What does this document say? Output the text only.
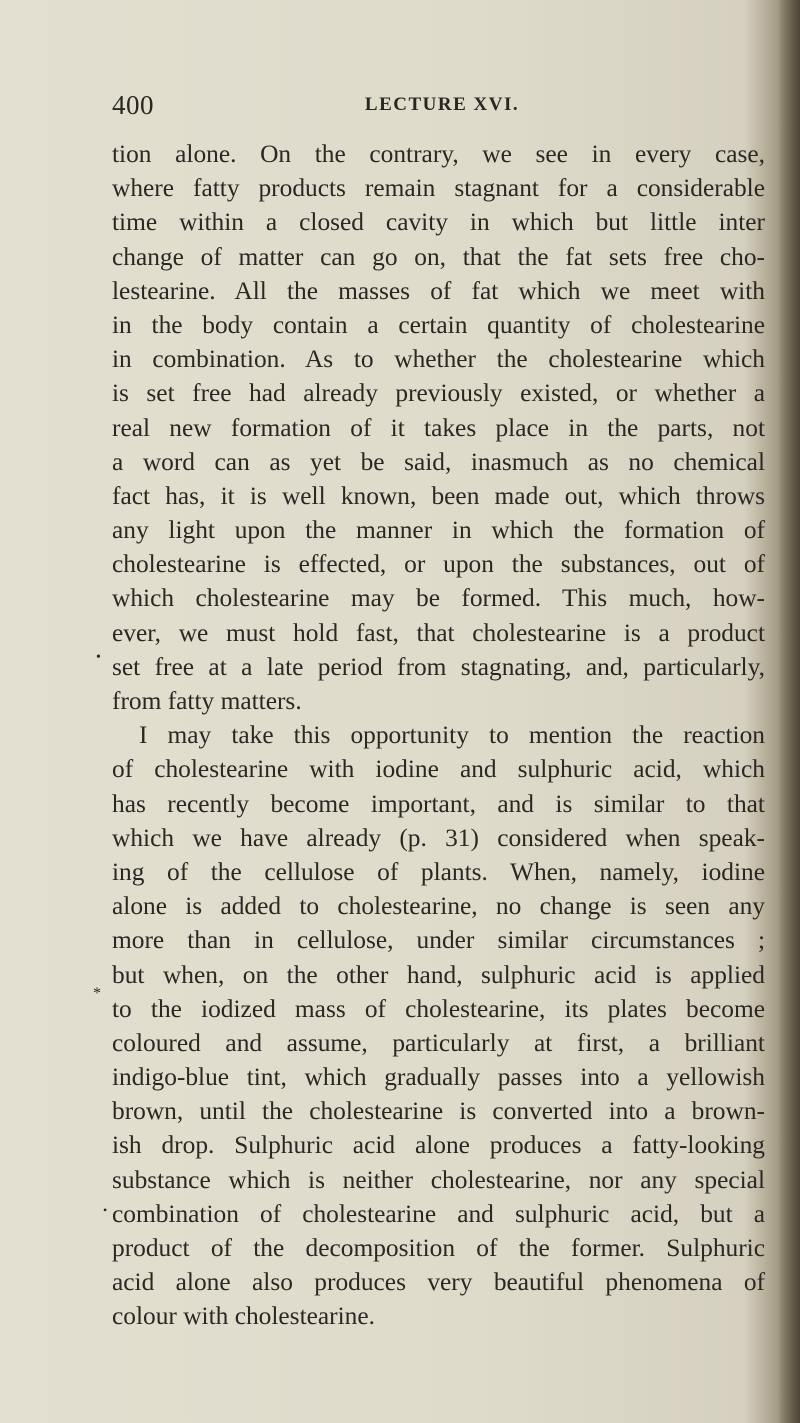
400	LECTURE XVI.
tion alone. On the contrary, we see in every case,
where fatty products remain stagnant for a considerable
time within a closed cavity in which but little inter
change of matter can go on, that the fat sets free cho-
lestearine. All the masses of fat which we meet with
in the body contain a certain quantity of cholestearine
in combination. As to whether the cholestearine which
is set free had already previously existed, or whether a
real new formation of it takes place in the parts, not
a word can as yet be said, inasmuch as no chemical
fact has, it is well known, been made out, which throws
any light upon the manner in which the formation of
cholestearine is effected, or upon the substances, out of
which cholestearine may be formed. This much, how-
ever, we must hold fast, that cholestearine is a product
set free at a late period from stagnating, and, particularly,
from fatty matters.
I may take this opportunity to mention the reaction
of cholestearine with iodine and sulphuric acid, which
has recently become important, and is similar to that
which we have already (p. 31) considered when speak-
ing of the cellulose of plants. When, namely, iodine
alone is added to cholestearine, no change is seen any
more than in cellulose, under similar circumstances ;
but when, on the other hand, sulphuric acid is applied
to the iodized mass of cholestearine, its plates become
coloured and assume, particularly at first, a brilliant
indigo-blue tint, which gradually passes into a yellowish
brown, until the cholestearine is converted into a brown-
ish drop. Sulphuric acid alone produces a fatty-looking
substance which is neither cholestearine, nor any special
combination of cholestearine and sulphuric acid, but a
product of the decomposition of the former. Sulphuric
acid alone also produces very beautiful phenomena of
colour with cholestearine.
•
*
•
